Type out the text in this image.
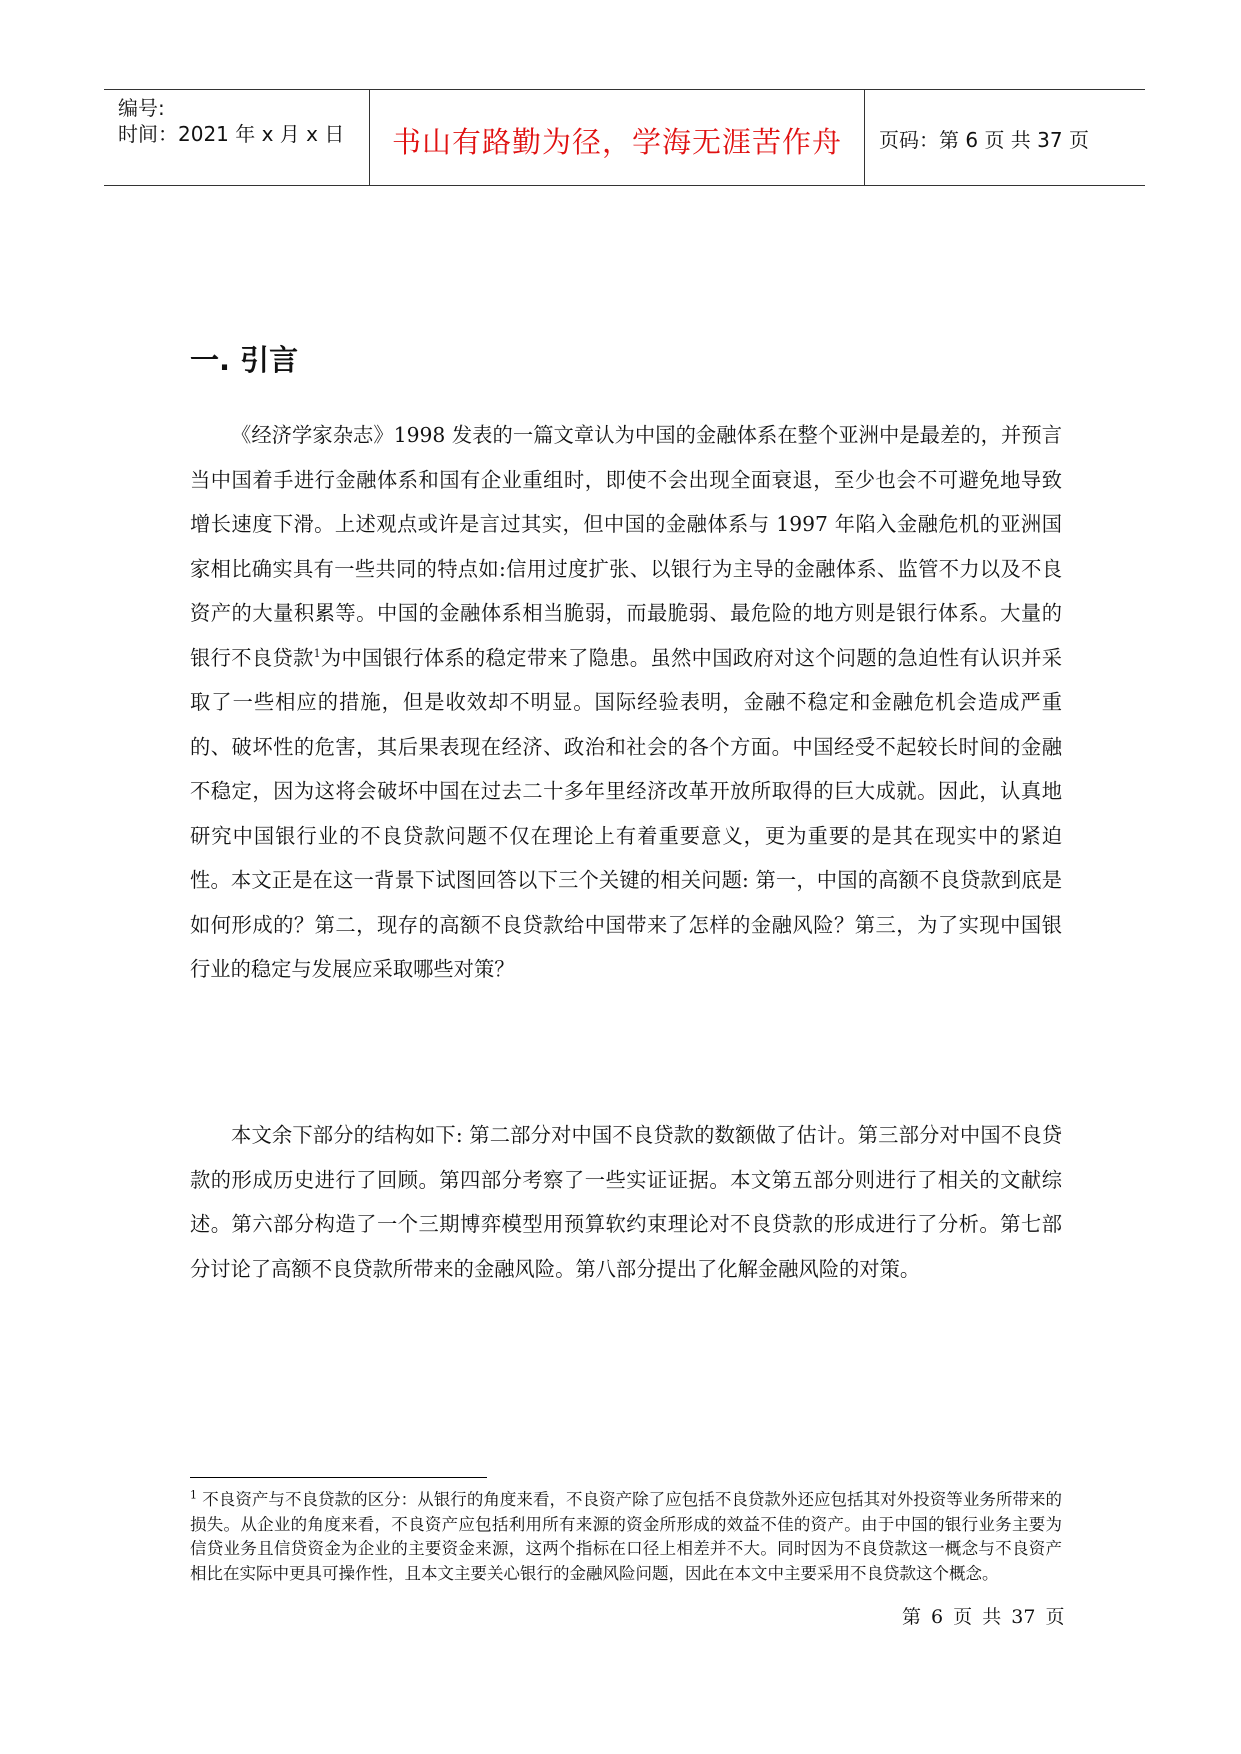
编号:
时间：2021 年 x 月 x 日	书山有路勤为径，学海无涯苦作舟	页码：第 6 页 共 37 页
一. 引言

《经济学家杂志》1998 发表的一篇文章认为中国的金融体系在整个亚洲中是最差的，并预言当中国着手进行金融体系和国有企业重组时，即使不会出现全面衰退，至少也会不可避免地导致增长速度下滑。上述观点或许是言过其实，但中国的金融体系与 1997 年陷入金融危机的亚洲国家相比确实具有一些共同的特点如:信用过度扩张、以银行为主导的金融体系、监管不力以及不良资产的大量积累等。中国的金融体系相当脆弱，而最脆弱、最危险的地方则是银行体系。大量的银行不良贷款$^1$为中国银行体系的稳定带来了隐患。虽然中国政府对这个问题的急迫性有认识并采取了一些相应的措施，但是收效却不明显。国际经验表明，金融不稳定和金融危机会造成严重的、破坏性的危害，其后果表现在经济、政治和社会的各个方面。中国经受不起较长时间的金融不稳定，因为这将会破坏中国在过去二十多年里经济改革开放所取得的巨大成就。因此，认真地研究中国银行业的不良贷款问题不仅在理论上有着重要意义，更为重要的是其在现实中的紧迫性。本文正是在这一背景下试图回答以下三个关键的相关问题: 第一，中国的高额不良贷款到底是如何形成的？第二，现存的高额不良贷款给中国带来了怎样的金融风险？第三，为了实现中国银行业的稳定与发展应采取哪些对策？

本文余下部分的结构如下: 第二部分对中国不良贷款的数额做了估计。第三部分对中国不良贷款的形成历史进行了回顾。第四部分考察了一些实证证据。本文第五部分则进行了相关的文献综述。第六部分构造了一个三期博弈模型用预算软约束理论对不良贷款的形成进行了分析。第七部分讨论了高额不良贷款所带来的金融风险。第八部分提出了化解金融风险的对策。

$^1$ 不良资产与不良贷款的区分：从银行的角度来看，不良资产除了应包括不良贷款外还应包括其对外投资等业务所带来的损失。从企业的角度来看，不良资产应包括利用所有来源的资金所形成的效益不佳的资产。由于中国的银行业务主要为信贷业务且信贷资金为企业的主要资金来源，这两个指标在口径上相差并不大。同时因为不良贷款这一概念与不良资产相比在实际中更具可操作性，且本文主要关心银行的金融风险问题，因此在本文中主要采用不良贷款这个概念。

第 6 页 共 37 页
